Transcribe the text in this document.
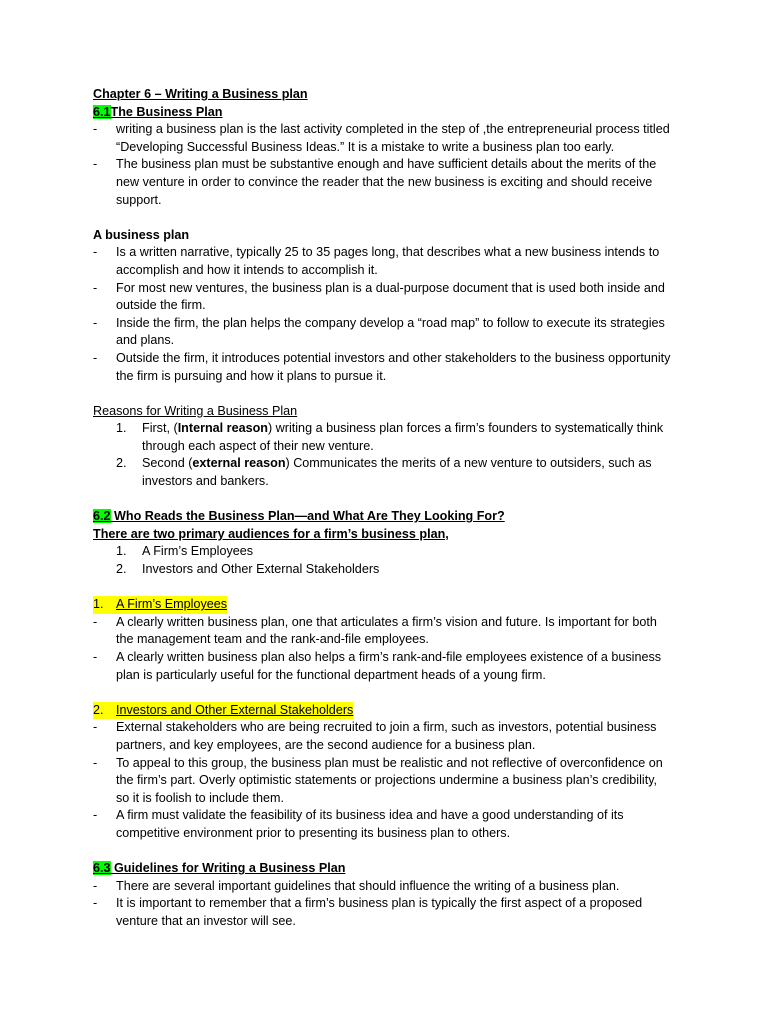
Chapter 6 – Writing a Business plan
6.1The Business Plan
-	writing a business plan is the last activity completed in the step of ,the entrepreneurial process titled “Developing Successful Business Ideas.” It is a mistake to write a business plan too early.
-	The business plan must be substantive enough and have sufficient details about the merits of the new venture in order to convince the reader that the new business is exciting and should receive support.
A business plan
-	Is a written narrative, typically 25 to 35 pages long, that describes what a new business intends to accomplish and how it intends to accomplish it.
-	For most new ventures, the business plan is a dual-purpose document that is used both inside and outside the firm.
-	Inside the firm, the plan helps the company develop a “road map” to follow to execute its strategies and plans.
-	Outside the firm, it introduces potential investors and other stakeholders to the business opportunity the firm is pursuing and how it plans to pursue it.
Reasons for Writing a Business Plan
1.	First, (Internal reason) writing a business plan forces a firm’s founders to systematically think through each aspect of their new venture.
2.	Second (external reason) Communicates the merits of a new venture to outsiders, such as investors and bankers.
6.2 Who Reads the Business Plan—and What Are They Looking For?
There are two primary audiences for a firm’s business plan,
1.	A Firm’s Employees
2.	Investors and Other External Stakeholders
1. A Firm’s Employees
-	A clearly written business plan, one that articulates a firm’s vision and future. Is important for both the management team and the rank-and-file employees.
-	A clearly written business plan also helps a firm’s rank-and-file employees existence of a business plan is particularly useful for the functional department heads of a young firm.
2. Investors and Other External Stakeholders
-	External stakeholders who are being recruited to join a firm, such as investors, potential business partners, and key employees, are the second audience for a business plan.
-	To appeal to this group, the business plan must be realistic and not reflective of overconfidence on the firm’s part. Overly optimistic statements or projections undermine a business plan’s credibility, so it is foolish to include them.
-	A firm must validate the feasibility of its business idea and have a good understanding of its competitive environment prior to presenting its business plan to others.
6.3 Guidelines for Writing a Business Plan
-	There are several important guidelines that should influence the writing of a business plan.
-	It is important to remember that a firm’s business plan is typically the first aspect of a proposed venture that an investor will see.
